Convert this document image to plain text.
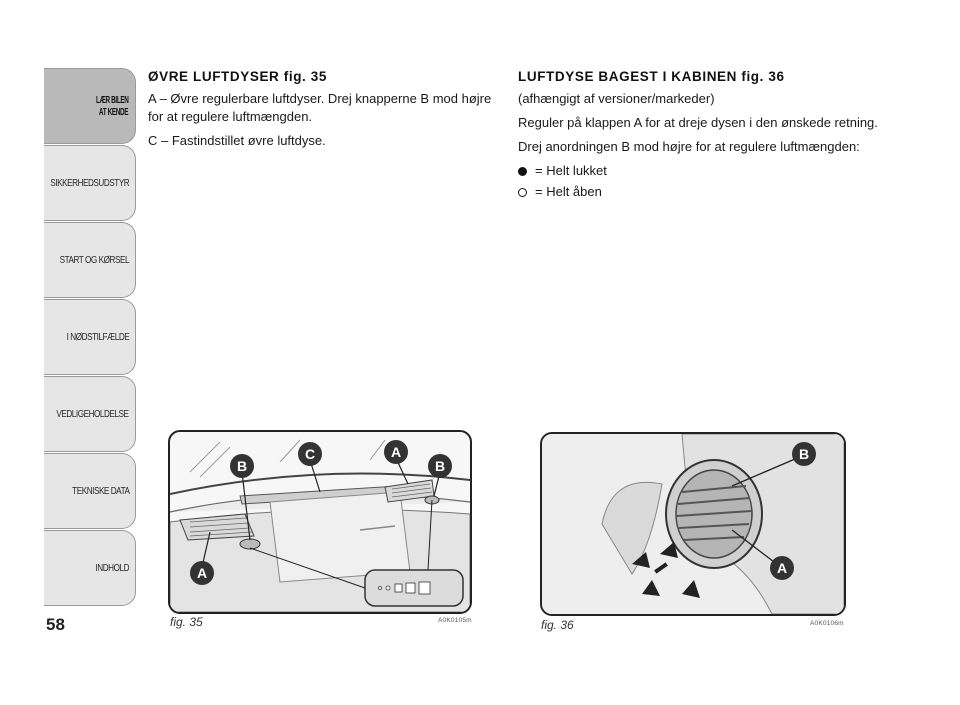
LÆR BILEN
AT KENDE
SIKKERHEDSUDSTYR
START OG KØRSEL
I NØDSTILFÆLDE
VEDLIGEHOLDELSE
TEKNISKE DATA
INDHOLD
58
ØVRE LUFTDYSER fig. 35

A – Øvre regulerbare luftdyser. Drej knapperne B mod højre for at regulere luftmængden.

C – Fastindstillet øvre luftdyse.

LUFTDYSE BAGEST I KABINEN fig. 36

(afhængigt af versioner/markeder)

Reguler på klappen A for at dreje dysen i den ønskede retning.

Drej anordningen B mod højre for at regulere luftmængden:

= Helt lukket
= Helt åben
B
C	A
B
A
fig. 35	A0K0105m
B
A
fig. 36	A0K0106m
